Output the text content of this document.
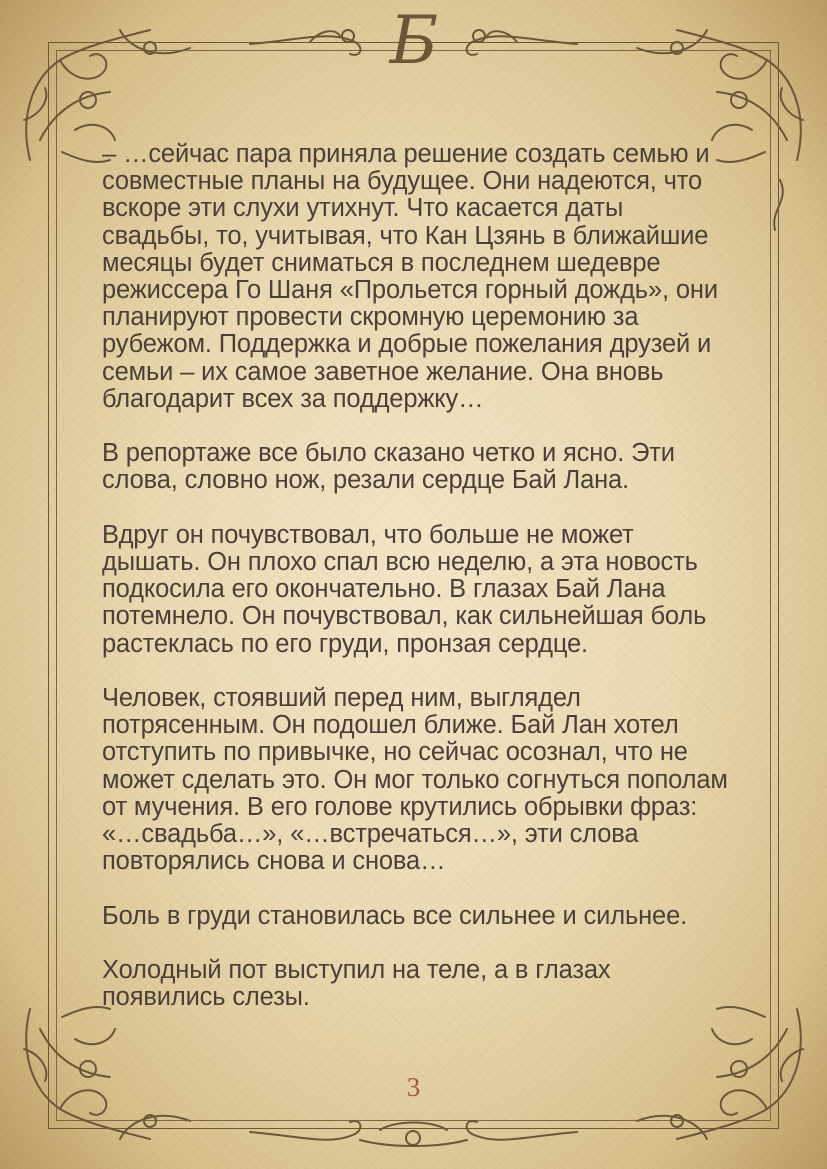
Б

– …сейчас пара приняла решение создать семью и совместные планы на будущее. Они надеются, что вскоре эти слухи утихнут. Что касается даты свадьбы, то, учитывая, что Кан Цзянь в ближайшие месяцы будет сниматься в последнем шедевре режиссера Го Шаня «Прольется горный дождь», они планируют провести скромную церемонию за рубежом. Поддержка и добрые пожелания друзей и семьи – их самое заветное желание. Она вновь благодарит всех за поддержку…

В репортаже все было сказано четко и ясно. Эти слова, словно нож, резали сердце Бай Лана.

Вдруг он почувствовал, что больше не может дышать. Он плохо спал всю неделю, а эта новость подкосила его окончательно. В глазах Бай Лана потемнело. Он почувствовал, как сильнейшая боль растеклась по его груди, пронзая сердце.

Человек, стоявший перед ним, выглядел потрясенным. Он подошел ближе. Бай Лан хотел отступить по привычке, но сейчас осознал, что не может сделать это. Он мог только согнуться пополам от мучения. В его голове крутились обрывки фраз: «…свадьба…», «…встречаться…», эти слова повторялись снова и снова…

Боль в груди становилась все сильнее и сильнее.

Холодный пот выступил на теле, а в глазах появились слезы.

3
